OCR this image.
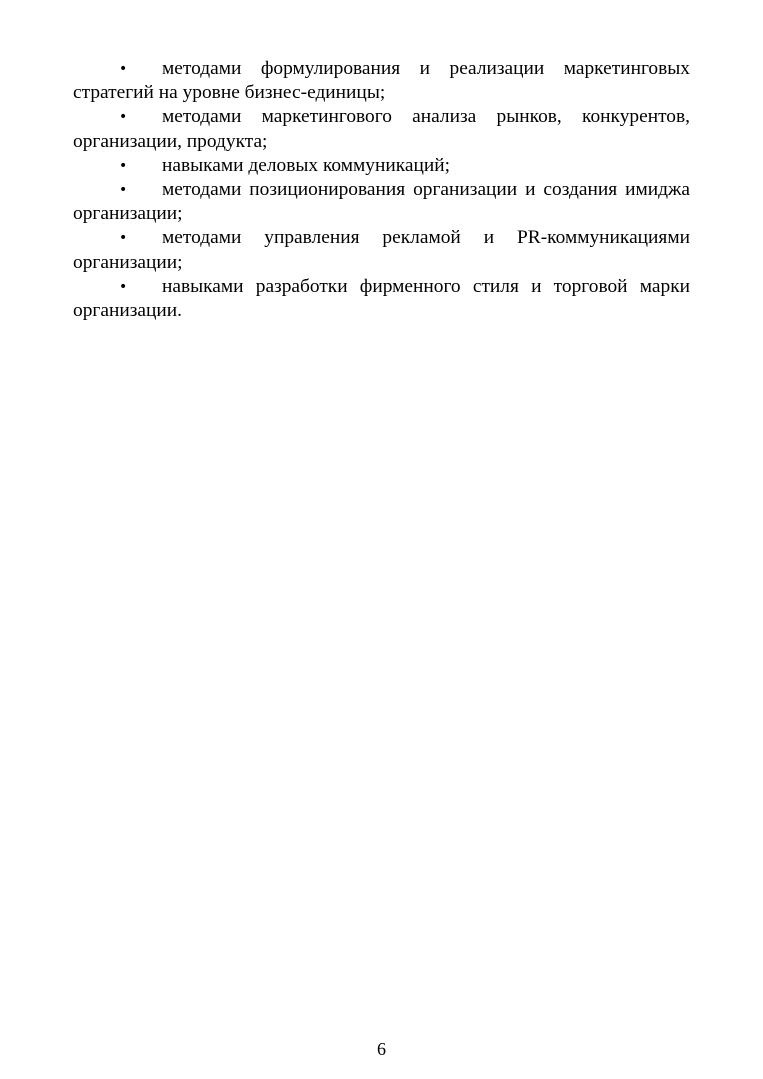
• методами формулирования и реализации маркетинговых стратегий на уровне бизнес-единицы;

• методами маркетингового анализа рынков, конкурентов, организации, продукта;

• навыками деловых коммуникаций;

• методами позиционирования организации и создания имиджа организации;

• методами управления рекламой и PR-коммуникациями организации;

• навыками разработки фирменного стиля и торговой марки организации.

6
